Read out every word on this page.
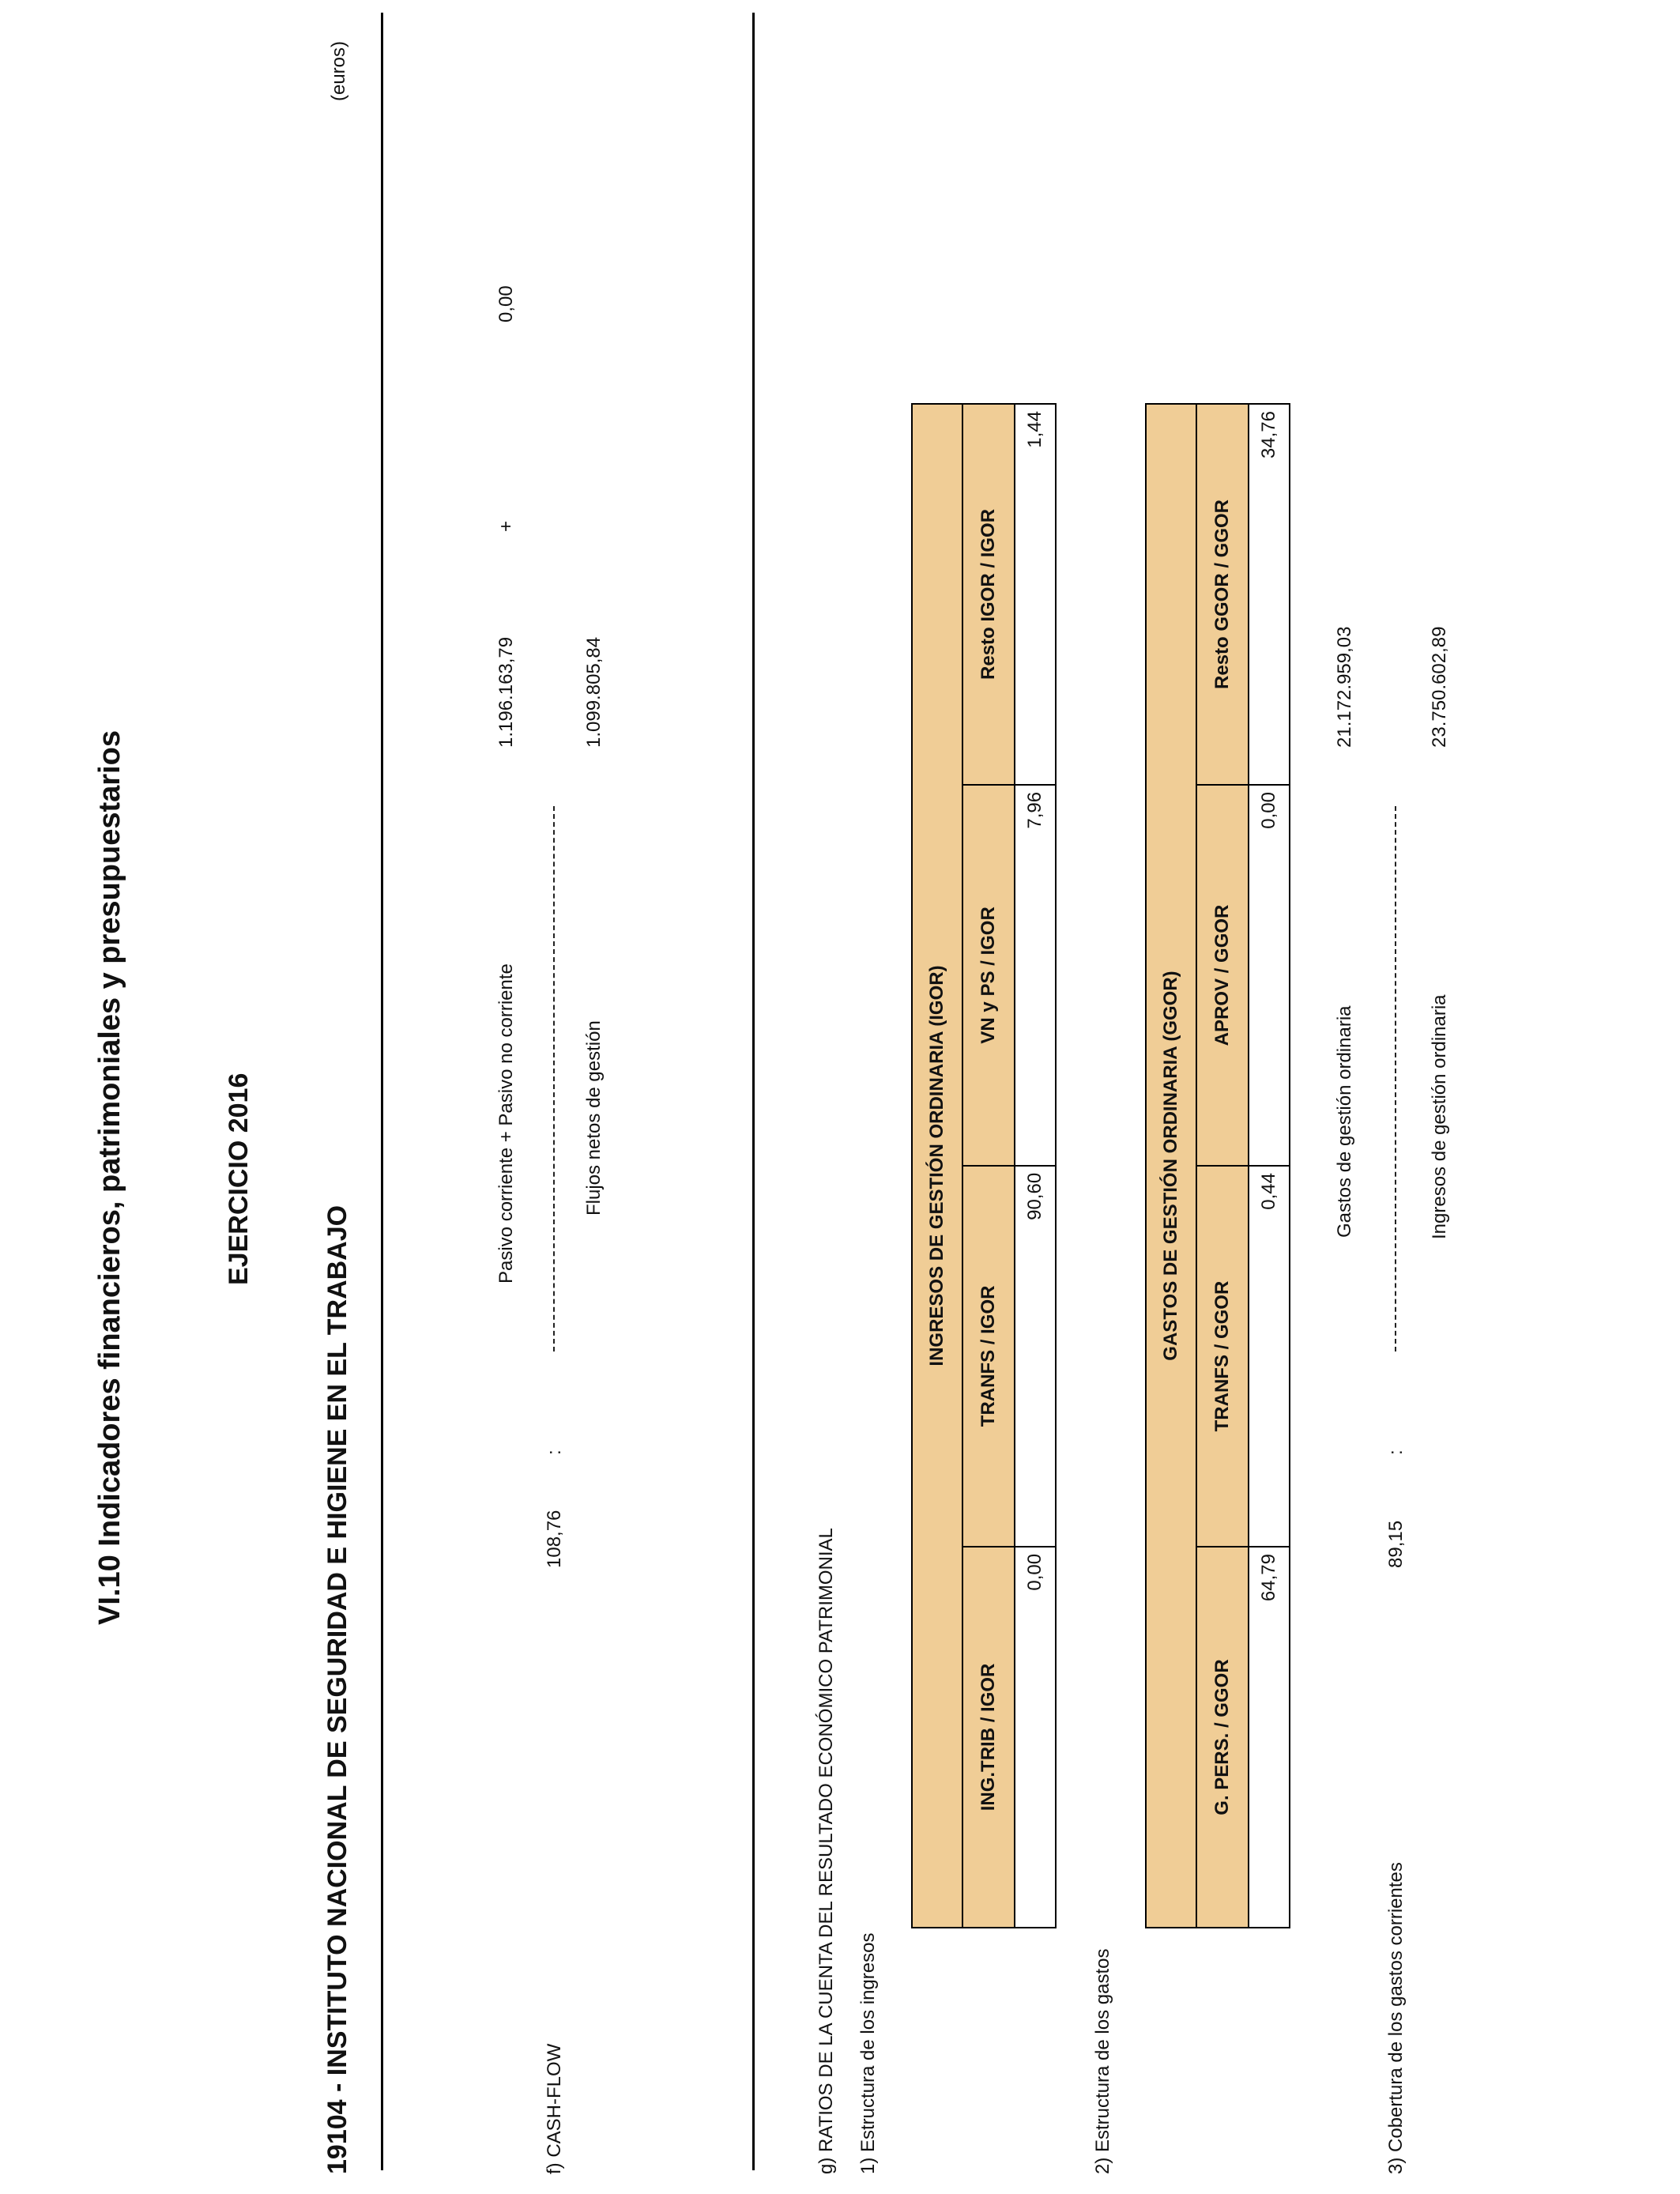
VI.10 Indicadores financieros, patrimoniales y presupuestarios	EJERCICIO 2016
19104 - INSTITUTO NACIONAL DE SEGURIDAD E HIGIENE EN EL TRABAJO
(euros)
f) CASH-FLOW
108,76
:
Pasivo corriente + Pasivo no corriente	Flujos netos de gestión
1.196.163,79
+
0,00
1.099.805,84
g) RATIOS DE LA CUENTA DEL RESULTADO ECONÓMICO PATRIMONIAL 1) Estructura de los ingresos
INGRESOS DE GESTIÓN ORDINARIA (IGOR)			
ING.TRIB / IGOR	TRANFS / IGOR	VN y PS / IGOR	Resto IGOR / IGOR
0,00	90,60	7,96	1,44
2) Estructura de los gastos
GASTOS DE GESTIÓN ORDINARIA (GGOR)			
G. PERS. / GGOR	TRANFS / GGOR	APROV / GGOR	Resto GGOR / GGOR
64,79	0,44	0,00	34,76
3) Cobertura de los gastos corrientes
89,15
:
Gastos de gestión ordinaria	Ingresos de gestión ordinaria
21.172.959,03	23.750.602,89
